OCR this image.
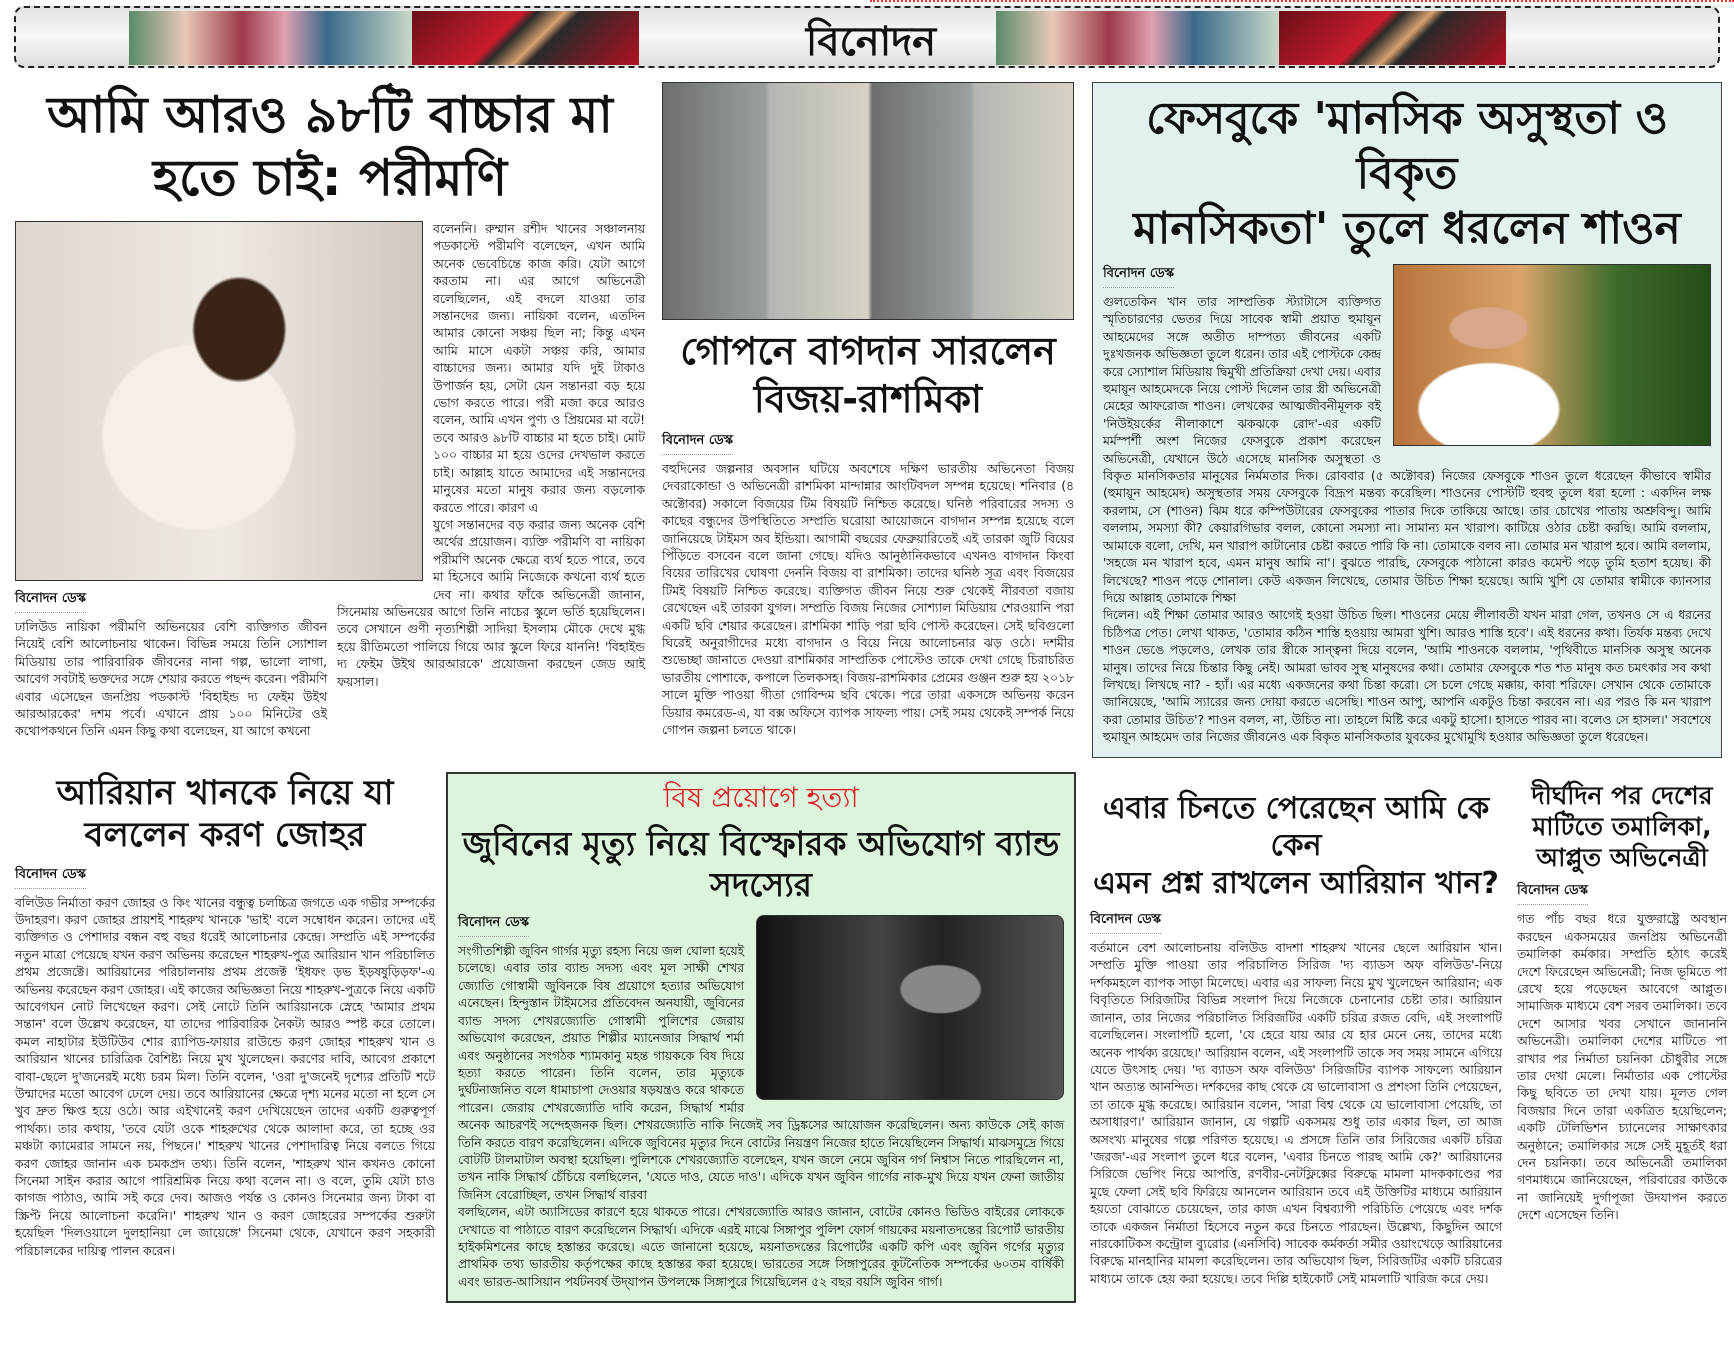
বিনোদন
আমি আরও ৯৮টি বাচ্চার মা
হতে চাই: পরীমণি
বিনোদন ডেস্ক
ঢালিউড নায়িকা পরীমণি অভিনয়ের বেশি ব্যক্তিগত জীবন নিয়েই বেশি আলোচনায় থাকেন। বিভিন্ন সময়ে তিনি স্যোশাল মিডিয়ায় তার পারিবারিক জীবনের নানা গল্প, ভালো লাগা, আবেগ সবটাই ভক্তদের সঙ্গে শেয়ার করতে পছন্দ করেন। পরীমণি এবার এসেছেন জনপ্রিয় পডকাস্ট 'বিহাইন্ড দ্য ফেইম উইথ আরআরকের' দশম পর্বে। এখানে প্রায় ১০০ মিনিটের ওই কথোপকথনে তিনি এমন কিছু কথা বলেছেন, যা আগে কখনো
বলেননি। রুম্মান রশীদ খানের সঞ্চালনায় পডকাস্টে পরীমণি বলেছেন, এখন আমি অনেক ভেবেচিন্তে কাজ করি। যেটা আগে করতাম না। এর আগে অভিনেত্রী বলেছিলেন, এই বদলে যাওয়া তার সন্তানদের জন্য। নায়িকা বলেন, এতদিন আমার কোনো সঞ্চয় ছিল না; কিন্তু এখন আমি মাসে একটা সঞ্চয় করি, আমার বাচ্চাদের জন্য। আমার যদি দুই টাকাও উপার্জন হয়, সেটা যেন সন্তানরা বড় হয়ে ভোগ করতে পারে। পরী মজা করে আরও বলেন, আমি এখন পুণ্য ও প্রিয়মের মা বটে! তবে আরও ৯৮টি বাচ্চার মা হতে চাই। মোট ১০০ বাচ্চার মা হয়ে ওদের দেখভাল করতে চাই। আল্লাহ যাতে আমাদের এই সন্তানদের মানুষের মতো মানুষ করার জন্য বড়লোক করতে পারে। কারণ এ
যুগে সন্তানদের বড় করার জন্য অনেক বেশি অর্থের প্রয়োজন। ব্যক্তি পরীমণি বা নায়িকা পরীমণি অনেক ক্ষেত্রে ব্যর্থ হতে পারে, তবে মা হিসেবে আমি নিজেকে কখনো ব্যর্থ হতে দেব না। কথার ফাঁকে অভিনেত্রী জানান, সিনেমায় অভিনয়ের আগে তিনি নাচের স্কুলে ভর্তি হয়েছিলেন। তবে সেখানে গুণী নৃত্যশিল্পী সাদিয়া ইসলাম মৌকে দেখে মুগ্ধ হয়ে রীতিমতো পালিয়ে গিয়ে আর স্কুলে ফিরে যাননি! 'বিহাইন্ড দ্য ফেইম উইথ আরআরকে' প্রযোজনা করছেন জেড আই ফয়সাল।
গোপনে বাগদান সারলেন
বিজয়-রাশমিকা
বিনোদন ডেস্ক
বহুদিনের জল্পনার অবসান ঘটিয়ে অবশেষে দক্ষিণ ভারতীয় অভিনেতা বিজয় দেবরাকোন্ডা ও অভিনেত্রী রাশমিকা মান্দান্নার আংটিবদল সম্পন্ন হয়েছে। শনিবার (৪ অক্টোবর) সকালে বিজয়ের টিম বিষয়টি নিশ্চিত করেছে। ঘনিষ্ঠ পরিবারের সদস্য ও কাছের বন্ধুদের উপস্থিতিতে সম্প্রতি ঘরোয়া আয়োজনে বাগদান সম্পন্ন হয়েছে বলে জানিয়েছে টাইমস অব ইন্ডিয়া। আগামী বছরের ফেব্রুয়ারিতেই এই তারকা জুটি বিয়ের পিঁড়িতে বসবেন বলে জানা গেছে। যদিও আনুষ্ঠানিকভাবে এখনও বাগদান কিংবা বিয়ের তারিখের ঘোষণা দেননি বিজয় বা রাশমিকা। তাদের ঘনিষ্ঠ সূত্র এবং বিজয়ের টিমই বিষয়টি নিশ্চিত করেছে। ব্যক্তিগত জীবন নিয়ে শুরু থেকেই নীরবতা বজায় রেখেছেন এই তারকা যুগল। সম্প্রতি বিজয় নিজের সোশ্যাল মিডিয়ায় শেরওয়ানি পরা একটি ছবি শেয়ার করেছেন। রাশমিকা শাড়ি পরা ছবি পোস্ট করেছেন। সেই ছবিগুলো ঘিরেই অনুরাগীদের মধ্যে বাগদান ও বিয়ে নিয়ে আলোচনার ঝড় ওঠে। দশমীর শুভেচ্ছা জানাতে দেওয়া রাশমিকার সাম্প্রতিক পোস্টেও তাকে দেখা গেছে চিরাচরিত ভারতীয় পোশাকে, কপালে তিলকসহ। বিজয়-রাশমিকার প্রেমের গুঞ্জন শুরু হয় ২০১৮ সালে মুক্তি পাওয়া গীতা গোবিন্দম ছবি থেকে। পরে তারা একসঙ্গে অভিনয় করেন ডিয়ার কমরেড-এ, যা বক্স অফিসে ব্যাপক সাফল্য পায়। সেই সময় থেকেই সম্পর্ক নিয়ে গোপন জল্পনা চলতে থাকে।
ফেসবুকে 'মানসিক অসুস্থতা ও বিকৃত
মানসিকতা' তুলে ধরলেন শাওন
বিনোদন ডেস্ক
গুলতেকিন খান তার সাম্প্রতিক স্ট্যাটাসে ব্যক্তিগত স্মৃতিচারণের ভেতর দিয়ে সাবেক স্বামী প্রয়াত হুমায়ূন আহমেদের সঙ্গে অতীত দাম্পত্য জীবনের একটি দুঃখজনক অভিজ্ঞতা তুলে ধরেন। তার এই পোস্টকে কেন্দ্র করে স্যোশাল মিডিয়ায় দ্বিমুখী প্রতিক্রিয়া দেখা দেয়। এবার হুমায়ূন আহমেদকে নিয়ে পোস্ট দিলেন তার স্ত্রী অভিনেত্রী মেহের আফরোজ শাওন। লেখকের আত্মজীবনীমূলক বই 'নিউইয়র্কের নীলাকাশে ঝকঝকে রোদ'-এর একটি মর্মস্পর্শী অংশ নিজের ফেসবুকে প্রকাশ করেছেন অভিনেত্রী, যেখানে উঠে এসেছে মানসিক অসুস্থতা ও বিকৃত মানসিকতার মানুষের নির্মমতার দিক। রোববার (৫ অক্টোবর) নিজের ফেসবুকে শাওন তুলে ধরেছেন কীভাবে স্বামীর (হুমায়ূন আহমেদ) অসুস্থতার সময় ফেসবুকে বিদ্রূপ মন্তব্য করেছিল। শাওনের পোস্টটি হুবহু তুলে ধরা হলো : একদিন লক্ষ করলাম, সে (শাওন) ঝিম ধরে কম্পিউটারের ফেসবুকের পাতার দিকে তাকিয়ে আছে। তার চোখের পাতায় অশ্রুবিন্দু। আমি বললাম, সমস্যা কী? কেয়ারগিভার বলল, কোনো সমস্যা না। সামান্য মন খারাপ। কাটিয়ে ওঠার চেষ্টা করছি। আমি বললাম, আমাকে বলো, দেখি, মন খারাপ কাটানোর চেষ্টা করতে পারি কি না। তোমাকে বলব না। তোমার মন খারাপ হবে। আমি বললাম, 'সহজে মন খারাপ হবে, এমন মানুষ আমি না'। বুঝতে পারছি, ফেসবুকে পাঠানো কারও কমেন্ট পড়ে তুমি হতাশ হয়েছ। কী লিখেছে? শাওন পড়ে শোনাল। কেউ একজন লিখেছে, তোমার উচিত শিক্ষা হয়েছে। আমি খুশি যে তোমার স্বামীকে ক্যানসার দিয়ে আল্লাহ তোমাকে শিক্ষা
দিলেন। এই শিক্ষা তোমার আরও আগেই হওয়া উচিত ছিল। শাওনের মেয়ে লীলাবতী যখন মারা গেল, তখনও সে এ ধরনের চিঠিপত্র পেত। লেখা থাকত, 'তোমার কঠিন শাস্তি হওয়ায় আমরা খুশি। আরও শাস্তি হবে'। এই ধরনের কথা। তির্যক মন্তব্য দেখে শাওন ভেঙে পড়লেও, লেখক তার স্ত্রীকে সান্ত্বনা দিয়ে বলেন, 'আমি শাওনকে বললাম, 'পৃথিবীতে মানসিক অসুস্থ অনেক মানুষ। তাদের নিয়ে চিন্তার কিছু নেই। আমরা ভাবব সুস্থ মানুষদের কথা। তোমার ফেসবুকে শত শত মানুষ কত চমৎকার সব কথা লিখছে। লিখছে না? - হ্যাঁ। এর মধ্যে একজনের কথা চিন্তা করো। সে চলে গেছে মক্কায়, কাবা শরিফে। সেখান থেকে তোমাকে জানিয়েছে, 'আমি স্যারের জন্য দোয়া করতে এসেছি। শাওন আপু, আপনি একটুও চিন্তা করবেন না। এর পরও কি মন খারাপ করা তোমার উচিত'? শাওন বলল, না, উচিত না। তাহলে মিষ্টি করে একটু হাসো। হাসতে পারব না। বলেও সে হাসল।' সবশেষে হুমায়ূন আহমেদ তার নিজের জীবনেও এক বিকৃত মানসিকতার যুবকের মুখোমুখি হওয়ার অভিজ্ঞতা তুলে ধরেছেন।
আরিয়ান খানকে নিয়ে যা
বললেন করণ জোহর
বিনোদন ডেস্ক
বলিউড নির্মাতা করণ জোহর ও কিং খানের বন্ধুত্ব চলচ্চিত্র জগতে এক গভীর সম্পর্কের উদাহরণ। করণ জোহর প্রায়শই শাহরুখ খানকে 'ভাই' বলে সম্বোধন করেন। তাদের এই ব্যক্তিগত ও পেশাদার বন্ধন বহু বছর ধরেই আলোচনার কেন্দ্রে। সম্প্রতি এই সম্পর্কের নতুন মাত্রা পেয়েছে যখন করণ অভিনয় করেছেন শাহরুখ-পুত্র আরিয়ান খান পরিচালিত প্রথম প্রজেক্টে। আরিয়ানের পরিচালনায় প্রথম প্রজেক্ট 'ইধফং ড়ভ ইড়ষষুড়িড়ফ'-এ অভিনয় করেছেন করণ জোহর। এই কাজের অভিজ্ঞতা নিয়ে শাহরুখ-পুত্রকে নিয়ে একটি আবেগঘন নোট লিখেছেন করণ। সেই নোটে তিনি আরিয়ানকে স্নেহে 'আমার প্রথম সন্তান' বলে উল্লেখ করেছেন, যা তাদের পারিবারিক নৈকট্য আরও স্পষ্ট করে তোলে। কমল নাহাটার ইউটিউব শোর র‌্যাপিড-ফায়ার রাউন্ডে করণ জোহর শাহরুখ খান ও আরিয়ান খানের চারিত্রিক বৈশিষ্ট্য নিয়ে মুখ খুলেছেন। করণের দাবি, আবেগ প্রকাশে বাবা-ছেলে দু'জনেরই মধ্যে চরম মিল। তিনি বলেন, 'ওরা দু'জনেই দৃশ্যের প্রতিটি শটে উন্মাদের মতো আবেগ ঢেলে দেয়। তবে আরিয়ানের ক্ষেত্রে দৃশ্য মনের মতো না হলে সে খুব দ্রুত ক্ষিপ্ত হয়ে ওঠে। আর এইখানেই করণ দেখিয়েছেন তাদের একটি গুরুত্বপূর্ণ পার্থক্য। তার কথায়, 'তবে যেটা ওকে শাহরুখের থেকে আলাদা করে, তা হচ্ছে ওর মঞ্চটা ক্যামেরার সামনে নয়, পিছনে।' শাহরুখ খানের পেশাদারিত্ব নিয়ে বলতে গিয়ে করণ জোহর জানান এক চমকপ্রদ তথ্য। তিনি বলেন, 'শাহরুখ খান কখনও কোনো সিনেমা সাইন করার আগে পারিশ্রমিক নিয়ে কথা বলেন না। ও বলে, তুমি যেটা চাও কাগজ পাঠাও, আমি সই করে দেব। আজও পর্যন্ত ও কোনও সিনেমার জন্য টাকা বা স্ক্রিপ্ট নিয়ে আলোচনা করেনি।' শাহরুখ খান ও করণ জোহরের সম্পর্কের শুরুটা হয়েছিল 'দিলওয়ালে দুলহানিয়া লে জায়েঙ্গে' সিনেমা থেকে, যেখানে করণ সহকারী পরিচালকের দায়িত্ব পালন করেন।
বিষ প্রয়োগে হত্যা
জুবিনের মৃত্যু নিয়ে বিস্ফোরক অভিযোগ ব্যান্ড সদস্যের
বিনোদন ডেস্ক
সংগীতশিল্পী জুবিন গার্গর মৃত্যু রহস্য নিয়ে জল ঘোলা হয়েই চলেছে। এবার তার ব্যান্ড সদস্য এবং মূল সাক্ষী শেখর জ্যোতি গোস্বামী জুবিনকে বিষ প্রয়োগে হত্যার অভিযোগ এনেছেন। হিন্দুস্তান টাইমসের প্রতিবেদন অনযায়ী, জুবিনের ব্যান্ড সদস্য শেখরজ্যোতি গোস্বামী পুলিশের জেরায় অভিযোগ করেছেন, প্রয়াত শিল্পীর ম্যানেজার সিদ্ধার্থ শর্মা এবং অনুষ্ঠানের সংগঠক শ্যামকানু মহন্ত গায়ককে বিষ দিয়ে হত্যা করতে পারেন। তিনি বলেন, তার মৃত্যুকে দুর্ঘটনাজনিত বলে ধামাচাপা দেওয়ার ষড়যন্ত্রও করে থাকতে পারেন। জেরায় শেখরজ্যোতি দাবি করেন, সিদ্ধার্থ শর্মার অনেক আচরণই সন্দেহজনক ছিল। শেখরজ্যোতি নাকি নিজেই সব ড্রিঙ্কসের আয়োজন করেছিলেন। অন্য কাউকে সেই কাজ তিনি করতে বারণ করেছিলেন। এদিকে জুবিনের মৃত্যুর দিনে বোটের নিয়ন্ত্রণ নিজের হাতে নিয়েছিলেন সিদ্ধার্থ। মাঝসমুদ্রে গিয়ে বোটটি টালমাটাল অবস্থা হয়েছিল। পুলিশকে শেখরজ্যোতি বলেছেন, যখন জলে নেমে জুবিন গর্গ নিশ্বাস নিতে পারছিলেন না, তখন নাকি সিদ্ধার্থ চেঁচিয়ে বলছিলেন, 'যেতে দাও, যেতে দাও'। এদিকে যখন জুবিন গার্গের নাক-মুখ দিয়ে যখন ফেনা জাতীয় জিনিস বেরোচ্ছিল, তখন সিদ্ধার্থ বারবা
বলছিলেন, এটা অ্যাসিডের কারণে হয়ে থাকতে পারে। শেখরজ্যোতি আরও জানান, বোটের কোনও ভিডিও বাইরের লোককে দেখাতে বা পাঠাতে বারণ করেছিলেন সিদ্ধার্থ। এদিকে এরই মাঝে সিঙ্গাপুর পুলিশ ফোর্স গায়কের ময়নাতদন্তের রিপোর্ট ভারতীয় হাইকমিশনের কাছে হস্তান্তর করেছে। এতে জানানো হয়েছে, ময়নাতদন্তের রিপোর্টের একটি কপি এবং জুবিন গর্গের মৃত্যুর প্রাথমিক তথ্য ভারতীয় কর্তৃপক্ষের কাছে হস্তান্তর করা হয়েছে। ভারতের সঙ্গে সিঙ্গাপুরের কূটনৈতিক সম্পর্কের ৬০তম বার্ষিকী এবং ভারত-আসিয়ান পর্যটনবর্ষ উদ্‌যাপন উপলক্ষে সিঙ্গাপুরে গিয়েছিলেন ৫২ বছর বয়সি জুবিন গার্গ।
এবার চিনতে পেরেছেন আমি কে কেন
এমন প্রশ্ন রাখলেন আরিয়ান খান?
বিনোদন ডেস্ক
বর্তমানে বেশ আলোচনায় বলিউড বাদশা শাহরুখ খানের ছেলে আরিয়ান খান। সম্প্রতি মুক্তি পাওয়া তার পরিচালিত সিরিজ 'দ্য ব্যাডস অফ বলিউড'-নিয়ে দর্শকমহলে ব্যাপক সাড়া মিলেছে। এবার এর সাফল্য নিয়ে মুখ খুলেছেন আরিয়ান; এক বিবৃতিতে সিরিজটির বিভিন্ন সংলাপ দিয়ে নিজেকে চেনানোর চেষ্টা তার। আরিয়ান জানান, তার নিজের পরিচালিত সিরিজটির একটি চরিত্র রজত বেদি, এই সংলাপটি বলেছিলেন। সংলাপটি হলো, 'যে হেরে যায় আর যে হার মেনে নেয়, তাদের মধ্যে অনেক পার্থক্য রয়েছে।' আরিয়ান বলেন, এই সংলাপটি তাকে সব সময় সামনে এগিয়ে যেতে উৎসাহ দেয়। 'দ্য ব্যাডস অফ বলিউড' সিরিজটির ব্যাপক সাফল্যে আরিয়ান খান অত্যন্ত আনন্দিত। দর্শকদের কাছ থেকে যে ভালোবাসা ও প্রশংসা তিনি পেয়েছেন, তা তাকে মুগ্ধ করেছে। আরিয়ান বলেন, 'সারা বিশ্ব থেকে যে ভালোবাসা পেয়েছি, তা অসাধারণ।' আরিয়ান জানান, যে গল্পটি একসময় শুধু তার একার ছিল, তা আজ অসংখ্য মানুষের গল্পে পরিণত হয়েছে। এ প্রসঙ্গে তিনি তার সিরিজের একটি চরিত্র 'জরজ'-এর সংলাপ তুলে ধরে বলেন, 'এবার চিনতে পারছ আমি কে?' আরিয়ানের সিরিজে ভেপিং নিয়ে আপত্তি, রণবীর-নেটফ্লিক্সের বিরুদ্ধে মামলা মাদককাণ্ডের পর মুছে ফেলা সেই ছবি ফিরিয়ে আনলেন আরিয়ান তবে এই উক্তিটির মাধ্যমে আরিয়ান হয়তো বোঝাতে চেয়েছেন, তার কাজ এখন বিশ্বব্যাপী পরিচিতি পেয়েছে এবং দর্শক তাকে একজন নির্মাতা হিসেবে নতুন করে চিনতে পারছেন। উল্লেখ্য, কিছুদিন আগে নারকোটিকস কন্ট্রোল ব্যুরোর (এনসিবি) সাবেক কর্মকর্তা সমীর ওয়াংখেড়ে আরিয়ানের বিরুদ্ধে মানহানির মামলা করেছিলেন। তার অভিযোগ ছিল, সিরিজটির একটি চরিত্রের মাধ্যমে তাকে হেয় করা হয়েছে। তবে দিল্লি হাইকোর্ট সেই মামলাটি খারিজ করে দেয়।
দীর্ঘদিন পর দেশের
মাটিতে তমালিকা,
আপ্লুত অভিনেত্রী
বিনোদন ডেস্ক
গত পাঁচ বছর ধরে যুক্তরাষ্ট্রে অবস্থান করছেন একসময়ের জনপ্রিয় অভিনেত্রী তমালিকা কর্মকার। সম্প্রতি হঠাৎ করেই দেশে ফিরেছেন অভিনেত্রী; নিজ ভূমিতে পা রেখে হয়ে পড়েছেন আবেগে আপ্লুত। সামাজিক মাধ্যমে বেশ সরব তমালিকা। তবে দেশে আসার খবর সেখানে জানাননি অভিনেত্রী। তমালিকা দেশের মাটিতে পা রাখার পর নির্মাতা চয়নিকা চৌধুরীর সঙ্গে তার দেখা মেলে। নির্মাতার এক পোস্টের কিছু ছবিতে তা দেখা যায়। মূলত গেল বিজয়ার দিনে তারা একত্রিত হয়েছিলেন; একটি টেলিভিশন চ্যানেলের সাক্ষাৎকার অনুষ্ঠানে; তমালিকার সঙ্গে সেই মুহূর্তই ধরা দেন চয়নিকা। তবে অভিনেত্রী তমালিকা গণমাধ্যমে জানিয়েছেন, পরিবারের কাউকে না জানিয়েই দুর্গাপূজা উদযাপন করতে দেশে এসেছেন তিনি।
